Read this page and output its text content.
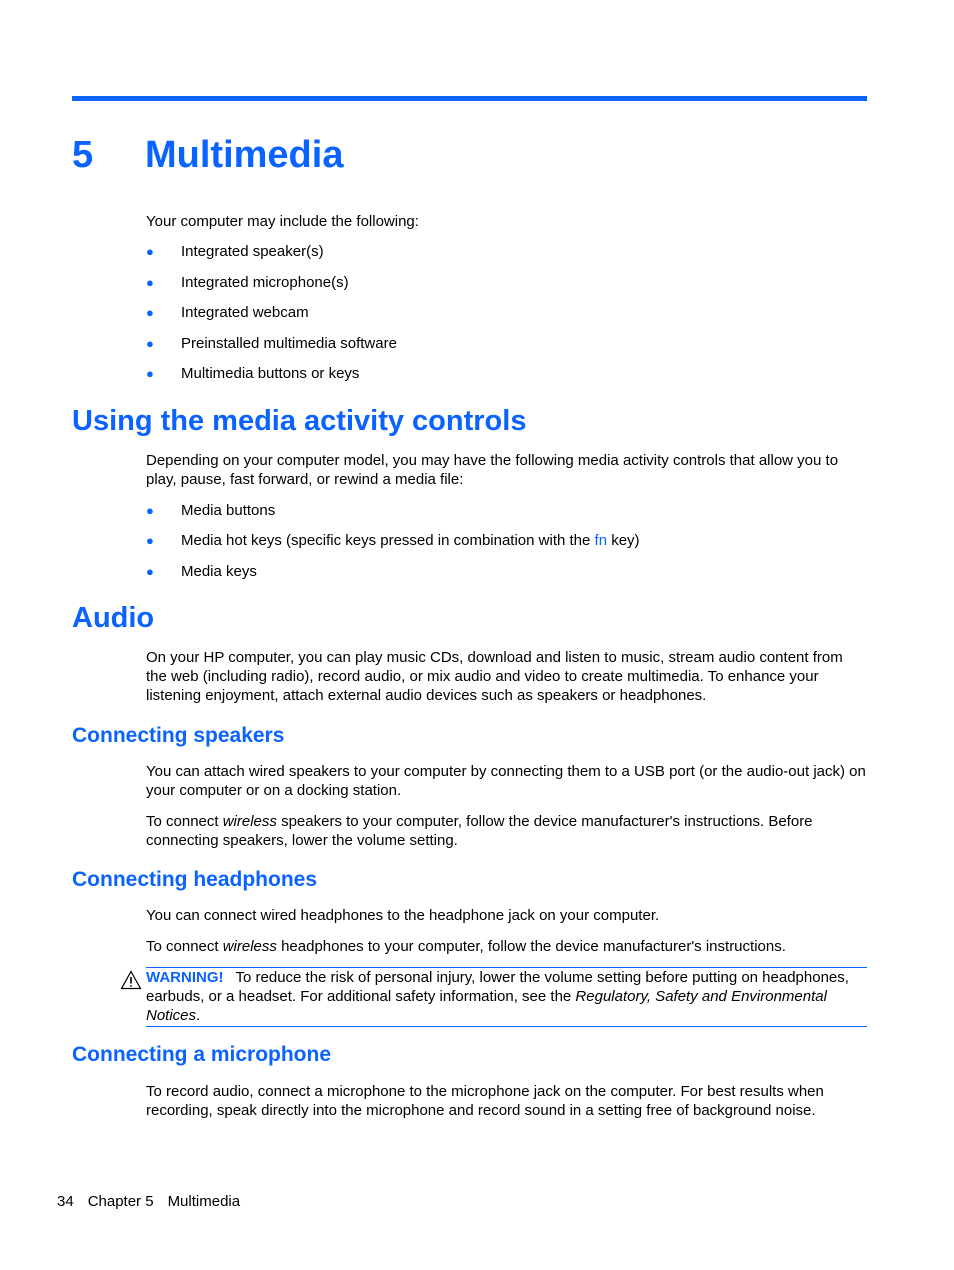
5 Multimedia

Your computer may include the following:

●	Integrated speaker(s)
●	Integrated microphone(s)
●	Integrated webcam
●	Preinstalled multimedia software
●	Multimedia buttons or keys
Using the media activity controls

Depending on your computer model, you may have the following media activity controls that allow you to play, pause, fast forward, or rewind a media file:

●	Media buttons
●	Media hot keys (specific keys pressed in combination with the fn key)
●	Media keys
Audio

On your HP computer, you can play music CDs, download and listen to music, stream audio content from the web (including radio), record audio, or mix audio and video to create multimedia. To enhance your listening enjoyment, attach external audio devices such as speakers or headphones.

Connecting speakers

You can attach wired speakers to your computer by connecting them to a USB port (or the audio-out jack) on your computer or on a docking station.

To connect wireless speakers to your computer, follow the device manufacturer's instructions. Before connecting speakers, lower the volume setting.

Connecting headphones

You can connect wired headphones to the headphone jack on your computer.

To connect wireless headphones to your computer, follow the device manufacturer's instructions.

WARNING! To reduce the risk of personal injury, lower the volume setting before putting on headphones, earbuds, or a headset. For additional safety information, see the Regulatory, Safety and Environmental Notices.
Connecting a microphone

To record audio, connect a microphone to the microphone jack on the computer. For best results when recording, speak directly into the microphone and record sound in a setting free of background noise.

34 Chapter 5 Multimedia
